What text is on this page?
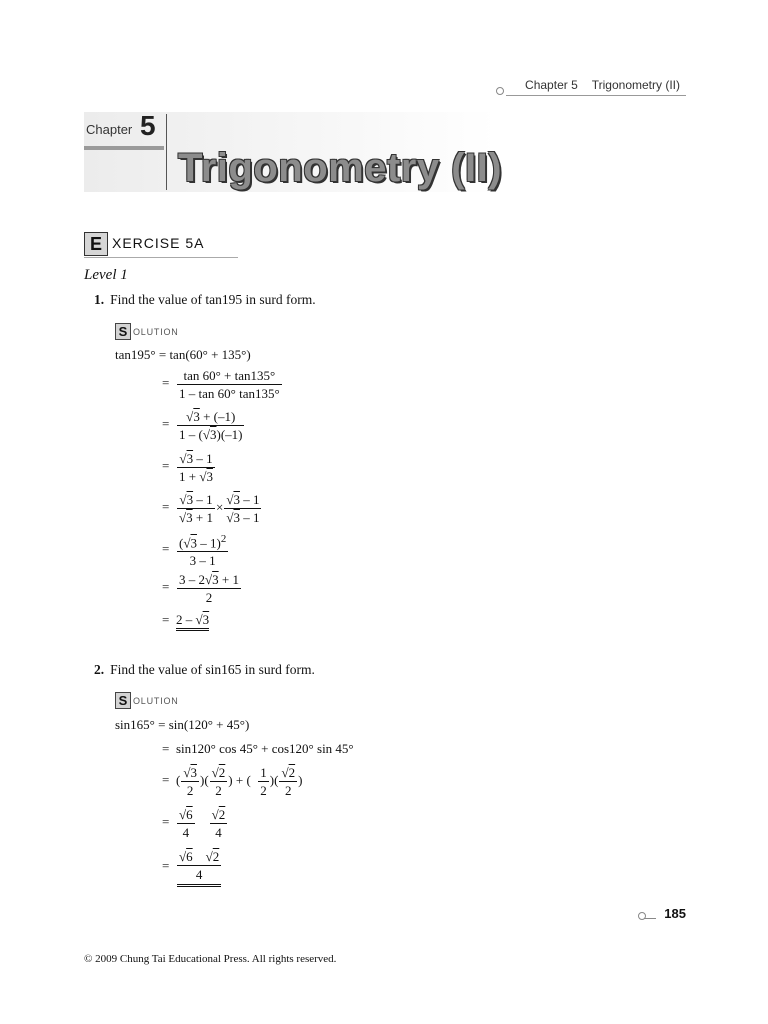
Chapter 5 Trigonometry (II)
Chapter 5
Trigonometry (II)
E XERCISE 5A
Level 1
1. Find the value of tan195 in surd form.
S OLUTION
tan195° = tan(60° + 135°)
= $\frac{\tan 60^\circ + \tan 135^\circ}{1 - \tan 60^\circ \tan 135^\circ}$
= $\frac{√3 + (-1)}{1 - (√3)(-1)}$
= $\frac{√3 - 1}{1 + √3}$
= $\frac{√3 - 1}{√3 + 1} \times \frac{√3 - 1}{√3 - 1}$
= $\frac{(√3 - 1)^2}{3 - 1}$
= $\frac{3 - 2√3 + 1}{2}$
= 2 – √3
2. Find the value of sin165 in surd form.
S OLUTION
sin165° = sin(120° + 45°)
= sin120° cos 45° + cos120° sin 45°
= ( $\frac{√3}{2}$ )( $\frac{√2}{2}$ ) + ( $\frac{1}{2}$ )( $\frac{√2}{2}$ )
= $\frac{√6}{4}$
$\frac{√2}{4}$
= $\frac{√6 √2}{4}$
185
© 2009 Chung Tai Educational Press. All rights reserved.
